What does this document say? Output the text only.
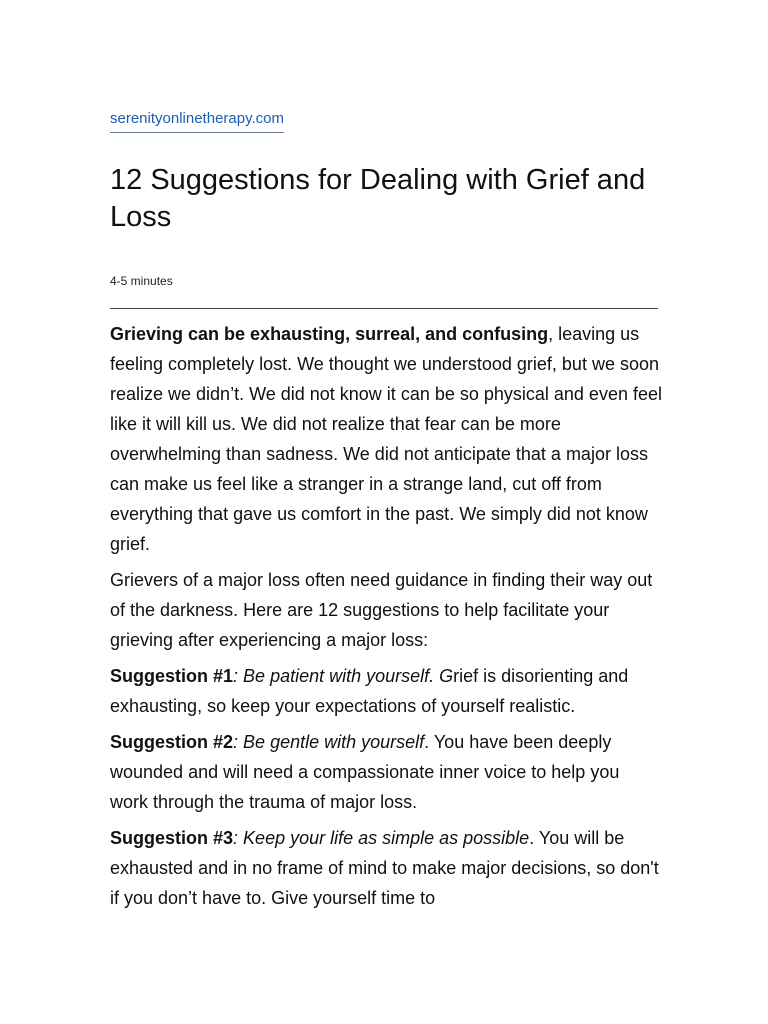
serenityonlinetherapy.com
12 Suggestions for Dealing with Grief and Loss
4-5 minutes

Grieving can be exhausting, surreal, and confusing, leaving us feeling completely lost. We thought we understood grief, but we soon realize we didn’t. We did not know it can be so physical and even feel like it will kill us. We did not realize that fear can be more overwhelming than sadness. We did not anticipate that a major loss can make us feel like a stranger in a strange land, cut off from everything that gave us comfort in the past. We simply did not know grief.

Grievers of a major loss often need guidance in finding their way out of the darkness. Here are 12 suggestions to help facilitate your grieving after experiencing a major loss:

Suggestion #1: Be patient with yourself. Grief is disorienting and exhausting, so keep your expectations of yourself realistic.

Suggestion #2: Be gentle with yourself. You have been deeply wounded and will need a compassionate inner voice to help you work through the trauma of major loss.

Suggestion #3: Keep your life as simple as possible. You will be exhausted and in no frame of mind to make major decisions, so don't if you don’t have to. Give yourself time to
